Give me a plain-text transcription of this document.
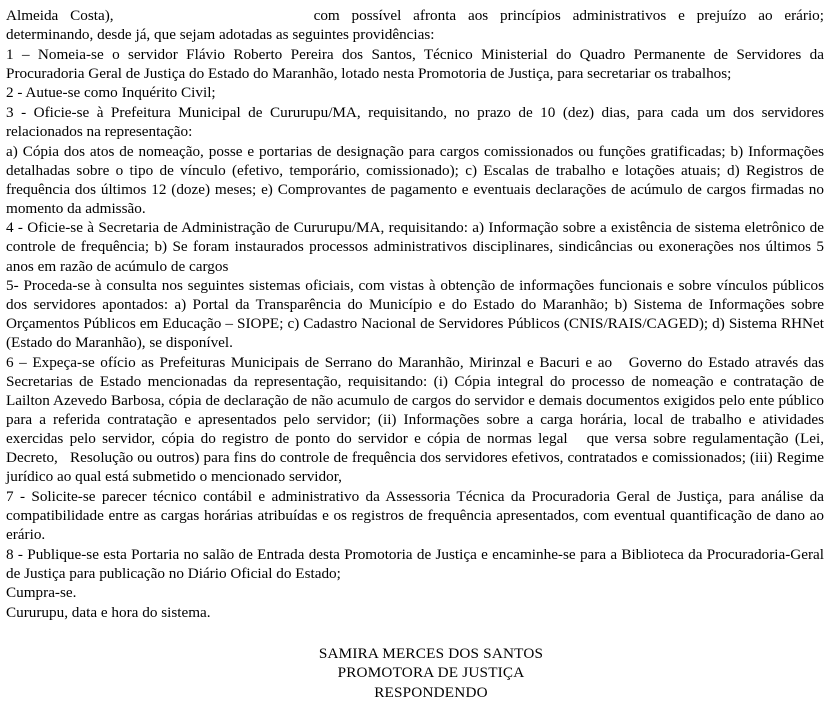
Almeida Costa),	com possível afronta aos princípios administrativos e prejuízo ao erário; determinando, desde já, que sejam adotadas as seguintes providências:

1 – Nomeia-se o servidor Flávio Roberto Pereira dos Santos, Técnico Ministerial do Quadro Permanente de Servidores da Procuradoria Geral de Justiça do Estado do Maranhão, lotado nesta Promotoria de Justiça, para secretariar os trabalhos;

2 - Autue-se como Inquérito Civil;

3 - Oficie-se à Prefeitura Municipal de Cururupu/MA, requisitando, no prazo de 10 (dez) dias, para cada um dos servidores relacionados na representação:

a) Cópia dos atos de nomeação, posse e portarias de designação para cargos comissionados ou funções gratificadas; b) Informações detalhadas sobre o tipo de vínculo (efetivo, temporário, comissionado); c) Escalas de trabalho e lotações atuais; d) Registros de frequência dos últimos 12 (doze) meses; e) Comprovantes de pagamento e eventuais declarações de acúmulo de cargos firmadas no momento da admissão.

4 - Oficie-se à Secretaria de Administração de Cururupu/MA, requisitando: a) Informação sobre a existência de sistema eletrônico de controle de frequência; b) Se foram instaurados processos administrativos disciplinares, sindicâncias ou exonerações nos últimos 5 anos em razão de acúmulo de cargos

5- Proceda-se à consulta nos seguintes sistemas oficiais, com vistas à obtenção de informações funcionais e sobre vínculos públicos dos servidores apontados: a) Portal da Transparência do Município e do Estado do Maranhão; b) Sistema de Informações sobre Orçamentos Públicos em Educação – SIOPE; c) Cadastro Nacional de Servidores Públicos (CNIS/RAIS/CAGED); d) Sistema RHNet (Estado do Maranhão), se disponível.

6 – Expeça-se ofício as Prefeituras Municipais de Serrano do Maranhão, Mirinzal e Bacuri e ao   Governo do Estado através das Secretarias de Estado mencionadas da representação, requisitando: (i) Cópia integral do processo de nomeação e contratação de Lailton Azevedo Barbosa, cópia de declaração de não acumulo de cargos do servidor e demais documentos exigidos pelo ente público para a referida contratação e apresentados pelo servidor; (ii) Informações sobre a carga horária, local de trabalho e atividades exercidas pelo servidor, cópia do registro de ponto do servidor e cópia de normas legal   que versa sobre regulamentação (Lei, Decreto,   Resolução ou outros) para fins do controle de frequência dos servidores efetivos, contratados e comissionados; (iii) Regime jurídico ao qual está submetido o mencionado servidor,

7 - Solicite-se parecer técnico contábil e administrativo da Assessoria Técnica da Procuradoria Geral de Justiça, para análise da compatibilidade entre as cargas horárias atribuídas e os registros de frequência apresentados, com eventual quantificação de dano ao erário.

8 - Publique-se esta Portaria no salão de Entrada desta Promotoria de Justiça e encaminhe-se para a Biblioteca da Procuradoria-Geral de Justiça para publicação no Diário Oficial do Estado;

Cumpra-se.

Cururupu, data e hora do sistema.

SAMIRA MERCES DOS SANTOS
PROMOTORA DE JUSTIÇA
RESPONDENDO
